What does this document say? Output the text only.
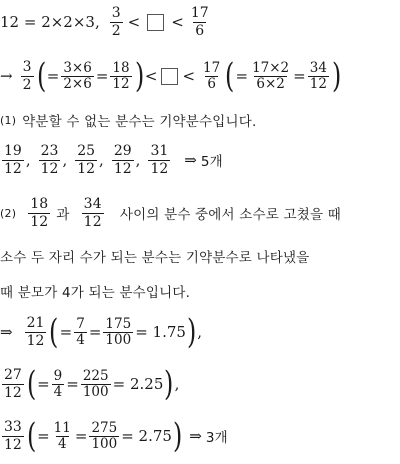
12 = 2×2×3, $\frac{3}{2}$ < < $\frac{17}{6}$
→ $\frac{3}{2}$ ( = $\frac{3\times 6}{2\times 6} = \frac{18}{12}$ ) < < $\frac{17}{6}$ ( = $\frac{17\times 2}{6\times 2} = \frac{34}{12}$ )
(1) 약분할 수 없는 분수는 기약분수입니다.
$\frac{19}{12}$ , $\frac{23}{12}$ , $\frac{25}{12}$ , $\frac{29}{12}$ , $\frac{31}{12}$ ⇒ 5개
$(2) \frac{18}{12}$ 과 $\frac{34}{12}$ 사이의 분수 중에서 소수로 고쳤을 때
소수 두 자리 수가 되는 분수는 기약분수로 나타냈을
때 분모가 4가 되는 분수입니다.
⇒ $\frac{21}{12}$ ( = $\frac{7}{4} = \frac{175}{100} = 1.75$ ) ,
$\frac{27}{12}$ ( = $\frac{9}{4} = \frac{225}{100} = 2.25$ ) ,
$\frac{33}{12}$ ( = $\frac{11}{4} = \frac{275}{100} = 2.75$ ) ⇒ 3개
